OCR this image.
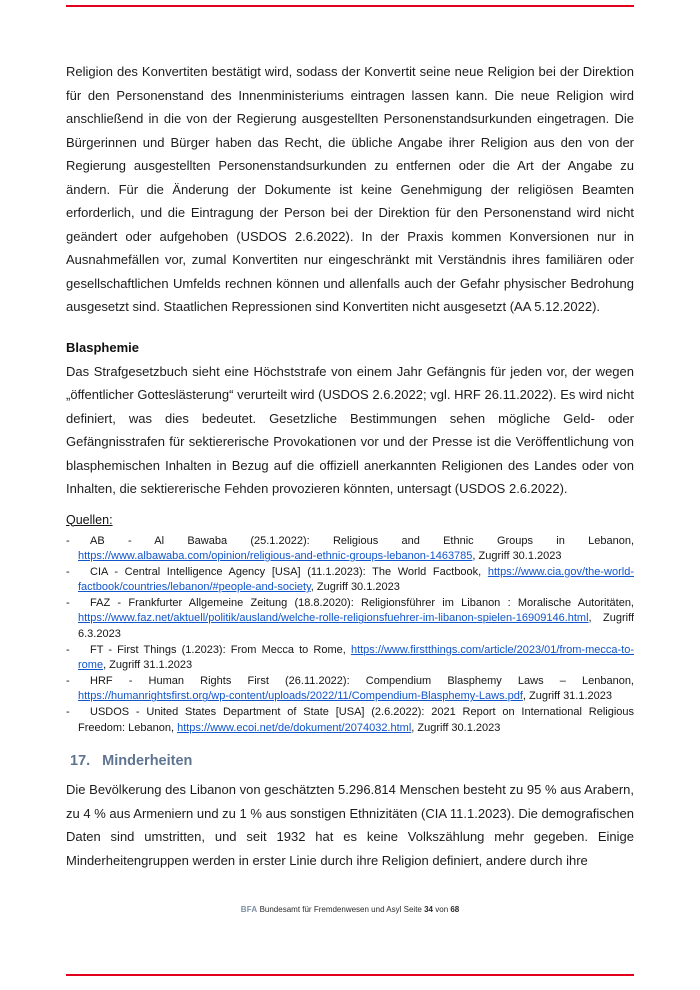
Religion des Konvertiten bestätigt wird, sodass der Konvertit seine neue Religion bei der Direktion für den Personenstand des Innenministeriums eintragen lassen kann. Die neue Religion wird anschließend in die von der Regierung ausgestellten Personenstandsurkunden eingetragen. Die Bürgerinnen und Bürger haben das Recht, die übliche Angabe ihrer Religion aus den von der Regierung ausgestellten Personenstandsurkunden zu entfernen oder die Art der Angabe zu ändern. Für die Änderung der Dokumente ist keine Genehmigung der religiösen Beamten erforderlich, und die Eintragung der Person bei der Direktion für den Personenstand wird nicht geändert oder aufgehoben (USDOS 2.6.2022). In der Praxis kommen Konversionen nur in Ausnahmefällen vor, zumal Konvertiten nur eingeschränkt mit Verständnis ihres familiären oder gesellschaftlichen Umfelds rechnen können und allenfalls auch der Gefahr physischer Bedrohung ausgesetzt sind. Staatlichen Repressionen sind Konvertiten nicht ausgesetzt (AA 5.12.2022).

Blasphemie

Das Strafgesetzbuch sieht eine Höchststrafe von einem Jahr Gefängnis für jeden vor, der wegen „öffentlicher Gotteslästerung“ verurteilt wird (USDOS 2.6.2022; vgl. HRF 26.11.2022). Es wird nicht definiert, was dies bedeutet. Gesetzliche Bestimmungen sehen mögliche Geld- oder Gefängnisstrafen für sektiererische Provokationen vor und der Presse ist die Veröffentlichung von blasphemischen Inhalten in Bezug auf die offiziell anerkannten Religionen des Landes oder von Inhalten, die sektiererische Fehden provozieren könnten, untersagt (USDOS 2.6.2022).

Quellen:
- AB - Al Bawaba (25.1.2022): Religious and Ethnic Groups in Lebanon, https://www.albawaba.com/opinion/religious-and-ethnic-groups-lebanon-1463785, Zugriff 30.1.2023
- CIA - Central Intelligence Agency [USA] (11.1.2023): The World Factbook, https://www.cia.gov/the-world-factbook/countries/lebanon/#people-and-society, Zugriff 30.1.2023
- FAZ - Frankfurter Allgemeine Zeitung (18.8.2020): Religionsführer im Libanon : Moralische Autoritäten, https://www.faz.net/aktuell/politik/ausland/welche-rolle-religionsfuehrer-im-libanon-spielen-16909146.html, Zugriff 6.3.2023
- FT - First Things (1.2023): From Mecca to Rome, https://www.firstthings.com/article/2023/01/from-mecca-to-rome, Zugriff 31.1.2023
- HRF - Human Rights First (26.11.2022): Compendium Blasphemy Laws – Lenbanon, https://humanrightsfirst.org/wp-content/uploads/2022/11/Compendium-Blasphemy-Laws.pdf, Zugriff 31.1.2023
- USDOS - United States Department of State [USA] (2.6.2022): 2021 Report on International Religious Freedom: Lebanon, https://www.ecoi.net/de/dokument/2074032.html, Zugriff 30.1.2023
17. Minderheiten

Die Bevölkerung des Libanon von geschätzten 5.296.814 Menschen besteht zu 95 % aus Arabern, zu 4 % aus Armeniern und zu 1 % aus sonstigen Ethnizitäten (CIA 11.1.2023). Die demografischen Daten sind umstritten, und seit 1932 hat es keine Volkszählung mehr gegeben. Einige Minderheitengruppen werden in erster Linie durch ihre Religion definiert, andere durch ihre

BFA Bundesamt für Fremdenwesen und Asyl Seite 34 von 68
